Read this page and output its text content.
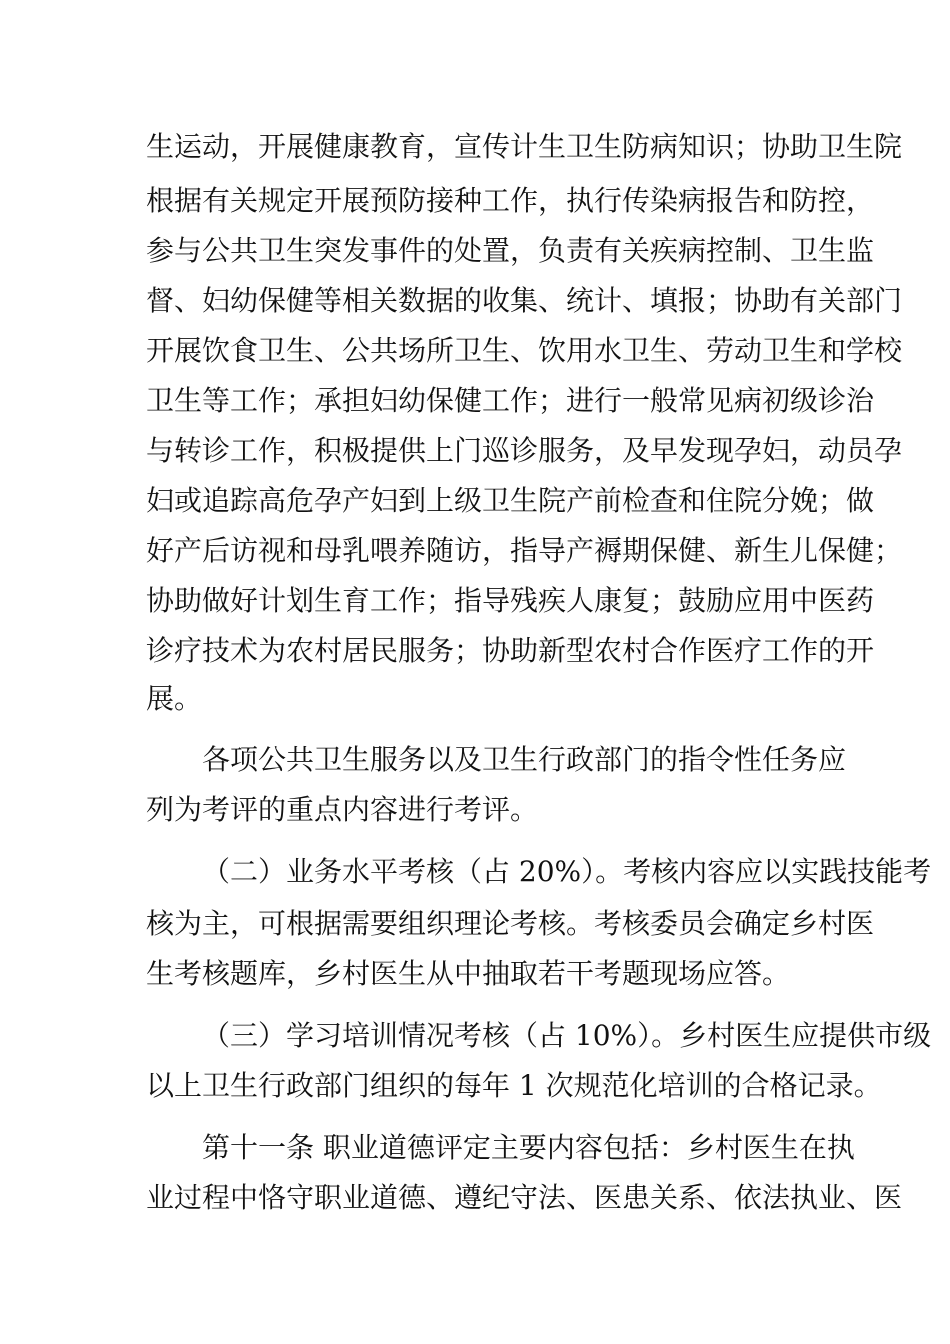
生运动，开展健康教育，宣传计生卫生防病知识；协助卫生院
根据有关规定开展预防接种工作，执行传染病报告和防控，
参与公共卫生突发事件的处置，负责有关疾病控制、卫生监
督、妇幼保健等相关数据的收集、统计、填报；协助有关部门
开展饮食卫生、公共场所卫生、饮用水卫生、劳动卫生和学校
卫生等工作；承担妇幼保健工作；进行一般常见病初级诊治
与转诊工作，积极提供上门巡诊服务，及早发现孕妇，动员孕
妇或追踪高危孕产妇到上级卫生院产前检查和住院分娩；做
好产后访视和母乳喂养随访，指导产褥期保健、新生儿保健；
协助做好计划生育工作；指导残疾人康复；鼓励应用中医药
诊疗技术为农村居民服务；协助新型农村合作医疗工作的开
展。
各项公共卫生服务以及卫生行政部门的指令性任务应
列为考评的重点内容进行考评。
（二）业务水平考核（占 20%）。考核内容应以实践技能考
核为主，可根据需要组织理论考核。考核委员会确定乡村医
生考核题库，乡村医生从中抽取若干考题现场应答。
（三）学习培训情况考核（占 10%）。乡村医生应提供市级
以上卫生行政部门组织的每年 1 次规范化培训的合格记录。
第十一条 职业道德评定主要内容包括：乡村医生在执
业过程中恪守职业道德、遵纪守法、医患关系、依法执业、医
